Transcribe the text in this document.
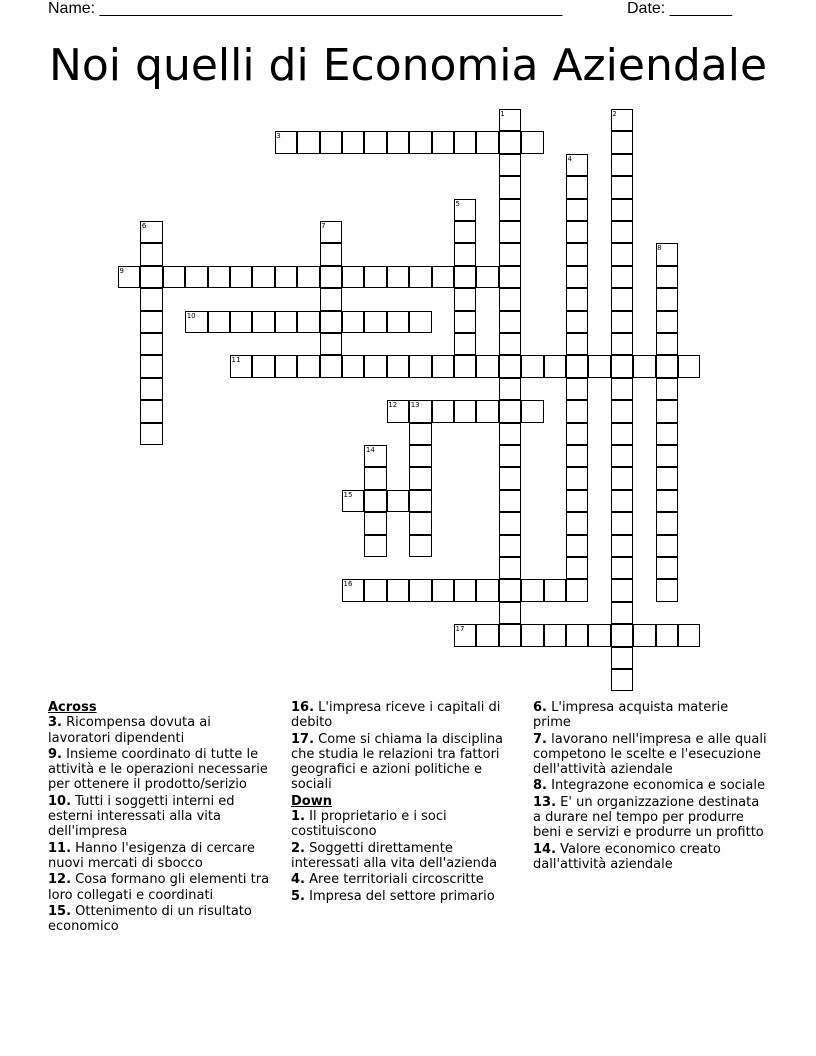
Name: ____________________________________________________	Date: _______
Noi quelli di Economia Aziendale
3
9
10
11
12
15
16
17
1	2
4
5
6	7
8
13
14
Across
3. Ricompensa dovuta ai lavoratori dipendenti
9. Insieme coordinato di tutte le attività e le operazioni necessarie per ottenere il prodotto/serizio
10. Tutti i soggetti interni ed esterni interessati alla vita dell'impresa
11. Hanno l'esigenza di cercare nuovi mercati di sbocco
12. Cosa formano gli elementi tra loro collegati e coordinati
15. Ottenimento di un risultato economico
16. L'impresa riceve i capitali di debito
17. Come si chiama la disciplina che studia le relazioni tra fattori geografici e azioni politiche e sociali
Down
1. Il proprietario e i soci costituiscono
2. Soggetti direttamente interessati alla vita dell'azienda
4. Aree territoriali circoscritte
5. Impresa del settore primario
6. L'impresa acquista materie prime
7. lavorano nell'impresa e alle quali competono le scelte e l'esecuzione dell'attività aziendale
8. Integrazone economica e sociale
13. E' un organizzazione destinata a durare nel tempo per produrre beni e servizi e produrre un profitto
14. Valore economico creato dall'attività aziendale
